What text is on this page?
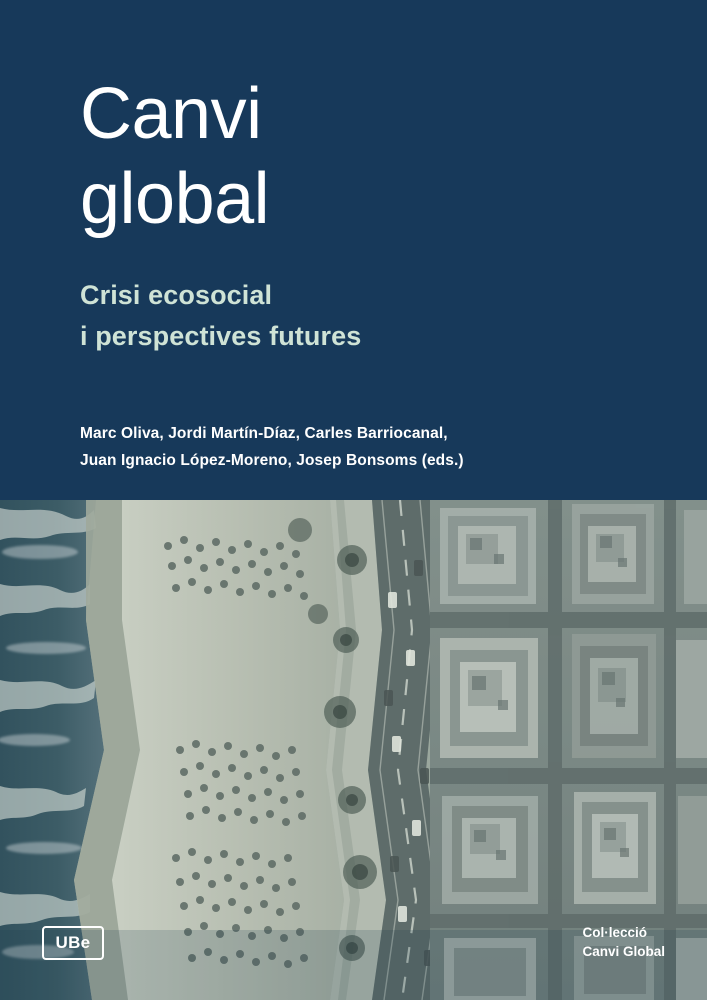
Canvi
global
Crisi ecosocial
i perspectives futures
Marc Oliva, Jordi Martín-Díaz, Carles Barriocanal,
Juan Ignacio López-Moreno, Josep Bonsoms (eds.)
UBe
Col·lecció
Canvi Global
